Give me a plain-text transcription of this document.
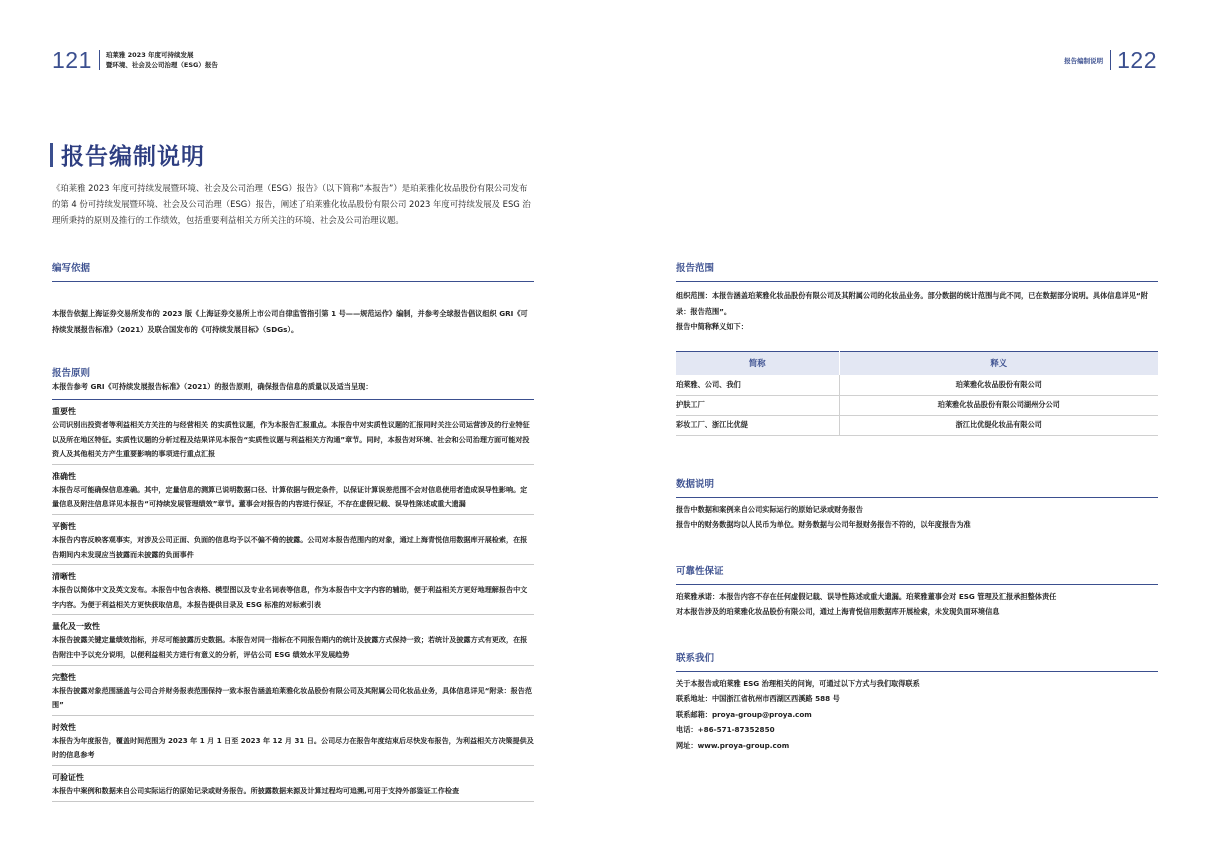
121 珀莱雅 2023 年度可持续发展
暨环境、社会及公司治理（ESG）报告
报告编制说明 122
报告编制说明

《珀莱雅 2023 年度可持续发展暨环境、社会及公司治理（ESG）报告》（以下简称“本报告”）是珀莱雅化妆品股份有限公司发布的第 4 份可持续发展暨环境、社会及公司治理（ESG）报告，阐述了珀莱雅化妆品股份有限公司 2023 年度可持续发展及 ESG 治理所秉持的原则及推行的工作绩效，包括重要利益相关方所关注的环境、社会及公司治理议题。

编写依据
本报告依据上海证券交易所发布的 2023 版《上海证券交易所上市公司自律监管指引第 1 号——规范运作》编制，并参考全球报告倡议组织 GRI《可持续发展报告标准》（2021）及联合国发布的《可持续发展目标》（SDGs）。
报告原则
本报告参考 GRI《可持续发展报告标准》（2021）的报告原则，确保报告信息的质量以及适当呈现：
重要性
公司识别出投资者等利益相关方关注的与经营相关 的实质性议题，作为本报告汇报重点。本报告中对实质性议题的汇报同时关注公司运营涉及的行业特征以及所在地区特征。实质性议题的分析过程及结果详见本报告“实质性议题与利益相关方沟通”章节。同时，本报告对环境、社会和公司治理方面可能对投资人及其他相关方产生重要影响的事项进行重点汇报
准确性
本报告尽可能确保信息准确。其中，定量信息的测算已说明数据口径、计算依据与假定条件，以保证计算误差范围不会对信息使用者造成误导性影响。定量信息及附注信息详见本报告“可持续发展管理绩效”章节。董事会对报告的内容进行保证，不存在虚假记载、误导性陈述或重大遗漏
平衡性
本报告内容反映客观事实，对涉及公司正面、负面的信息均予以不偏不倚的披露。公司对本报告范围内的对象，通过上海青悦信用数据库开展检索，在报告期间内未发现应当披露而未披露的负面事件
清晰性
本报告以简体中文及英文发布。本报告中包含表格、模型图以及专业名词表等信息，作为本报告中文字内容的辅助，便于利益相关方更好地理解报告中文字内容。为便于利益相关方更快获取信息，本报告提供目录及 ESG 标准的对标索引表
量化及一致性
本报告披露关键定量绩效指标，并尽可能披露历史数据。本报告对同一指标在不同报告期内的统计及披露方式保持一致；若统计及披露方式有更改，在报告附注中予以充分说明，以便利益相关方进行有意义的分析，评估公司 ESG 绩效水平发展趋势
完整性
本报告披露对象范围涵盖与公司合并财务报表范围保持一致本报告涵盖珀莱雅化妆品股份有限公司及其附属公司化妆品业务，具体信息详见“附录：报告范围”
时效性
本报告为年度报告，覆盖时间范围为 2023 年 1 月 1 日至 2023 年 12 月 31 日。公司尽力在报告年度结束后尽快发布报告，为利益相关方决策提供及时的信息参考
可验证性
本报告中案例和数据来自公司实际运行的原始记录或财务报告。所披露数据来源及计算过程均可追溯,可用于支持外部鉴证工作检查
报告范围
组织范围：本报告涵盖珀莱雅化妆品股份有限公司及其附属公司的化妆品业务。部分数据的统计范围与此不同，已在数据部分说明。具体信息详见“附录：报告范围”。
报告中简称释义如下：
简称	释义
珀莱雅、公司、我们	珀莱雅化妆品股份有限公司
护肤工厂	珀莱雅化妆品股份有限公司湖州分公司
彩妆工厂、浙江比优缇	浙江比优缇化妆品有限公司
数据说明
报告中数据和案例来自公司实际运行的原始记录或财务报告
报告中的财务数据均以人民币为单位。财务数据与公司年报财务报告不符的，以年度报告为准
可靠性保证
珀莱雅承诺：本报告内容不存在任何虚假记载、误导性陈述或重大遗漏。珀莱雅董事会对 ESG 管理及汇报承担整体责任
对本报告涉及的珀莱雅化妆品股份有限公司，通过上海青悦信用数据库开展检索，未发现负面环境信息
联系我们
关于本报告或珀莱雅 ESG 治理相关的问询，可通过以下方式与我们取得联系
联系地址：中国浙江省杭州市西湖区西溪路 588 号
联系邮箱：proya-group@proya.com
电话：+86-571-87352850
网址：www.proya-group.com
